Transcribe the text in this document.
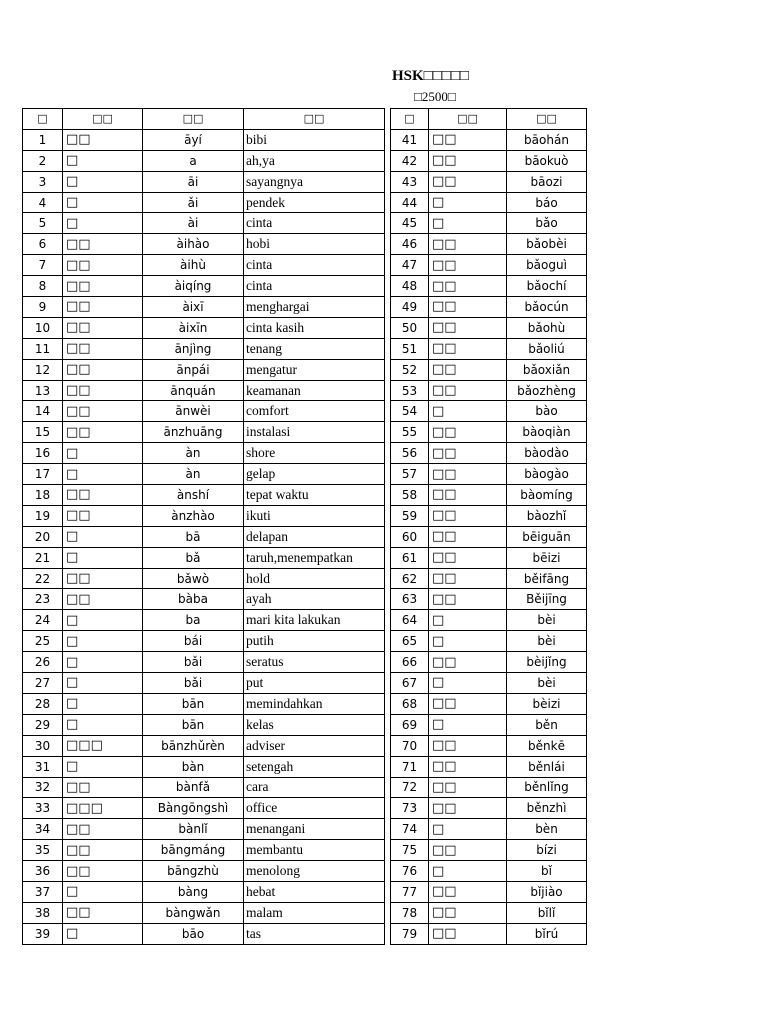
HSK□□□□□
□2500□
□	□□	□□	□□
1	□□	āyí	bibi
2	□	a	ah,ya
3	□	āi	sayangnya
4	□	ǎi	pendek
5	□	ài	cinta
6	□□	àihào	hobi
7	□□	àihù	cinta
8	□□	àiqíng	cinta
9	□□	àixī	menghargai
10	□□	àixīn	cinta kasih
11	□□	ānjìng	tenang
12	□□	ānpái	mengatur
13	□□	ānquán	keamanan
14	□□	ānwèi	comfort
15	□□	ānzhuāng	instalasi
16	□	àn	shore
17	□	àn	gelap
18	□□	ànshí	tepat waktu
19	□□	ànzhào	ikuti
20	□	bā	delapan
21	□	bǎ	taruh,menempatkan
22	□□	bǎwò	hold
23	□□	bàba	ayah
24	□	ba	mari kita lakukan
25	□	bái	putih
26	□	bǎi	seratus
27	□	bǎi	put
28	□	bān	memindahkan
29	□	bān	kelas
30	□□□	bānzhǔrèn	adviser
31	□	bàn	setengah
32	□□	bànfǎ	cara
33	□□□	Bàngōngshì	office
34	□□	bànlǐ	menangani
35	□□	bāngmáng	membantu
36	□□	bāngzhù	menolong
37	□	bàng	hebat
38	□□	bàngwǎn	malam
39	□	bāo	tas
□	□□	□□
41	□□	bāohán
42	□□	bāokuò
43	□□	bāozi
44	□	báo
45	□	bǎo
46	□□	bǎobèi
47	□□	bǎoguì
48	□□	bǎochí
49	□□	bǎocún
50	□□	bǎohù
51	□□	bǎoliú
52	□□	bǎoxiǎn
53	□□	bǎozhèng
54	□	bào
55	□□	bàoqiàn
56	□□	bàodào
57	□□	bàogào
58	□□	bàomíng
59	□□	bàozhǐ
60	□□	bēiguān
61	□□	bēizi
62	□□	běifāng
63	□□	Běijīng
64	□	bèi
65	□	bèi
66	□□	bèijǐng
67	□	bèi
68	□□	bèizi
69	□	běn
70	□□	běnkē
71	□□	běnlái
72	□□	běnlǐng
73	□□	běnzhì
74	□	bèn
75	□□	bízi
76	□	bǐ
77	□□	bǐjiào
78	□□	bǐlǐ
79	□□	bǐrú
